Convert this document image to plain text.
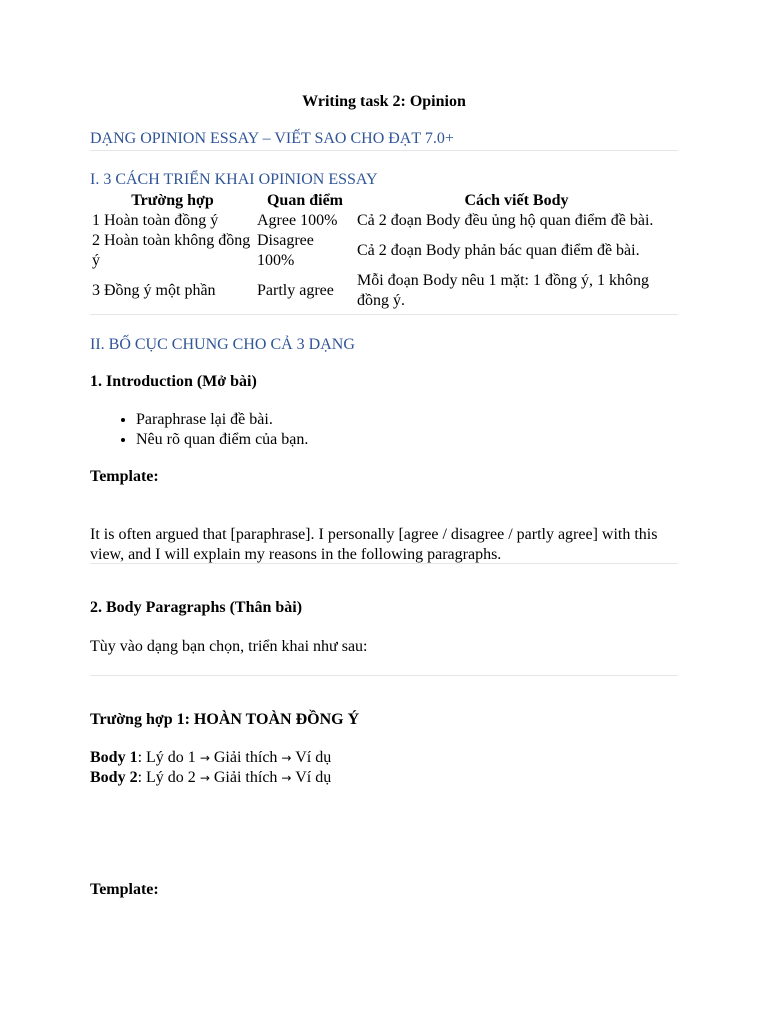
Writing task 2: Opinion
DẠNG OPINION ESSAY – VIẾT SAO CHO ĐẠT 7.0+
I. 3 CÁCH TRIỂN KHAI OPINION ESSAY
Trường hợp	Quan điểm	Cách viết Body
1 Hoàn toàn đồng ý	Agree 100%	Cả 2 đoạn Body đều ủng hộ quan điểm đề bài.
2 Hoàn toàn không đồng ý	Disagree 100%	Cả 2 đoạn Body phản bác quan điểm đề bài.
3 Đồng ý một phần	Partly agree	Mỗi đoạn Body nêu 1 mặt: 1 đồng ý, 1 không đồng ý.
II. BỐ CỤC CHUNG CHO CẢ 3 DẠNG
1. Introduction (Mở bài)
• Paraphrase lại đề bài.
• Nêu rõ quan điểm của bạn.
Template:
It is often argued that [paraphrase]. I personally [agree / disagree / partly agree] with this view, and I will explain my reasons in the following paragraphs.
2. Body Paragraphs (Thân bài)
Tùy vào dạng bạn chọn, triển khai như sau:
Trường hợp 1: HOÀN TOÀN ĐỒNG Ý
Body 1: Lý do 1 → Giải thích → Ví dụ
Body 2: Lý do 2 → Giải thích → Ví dụ
Template:
